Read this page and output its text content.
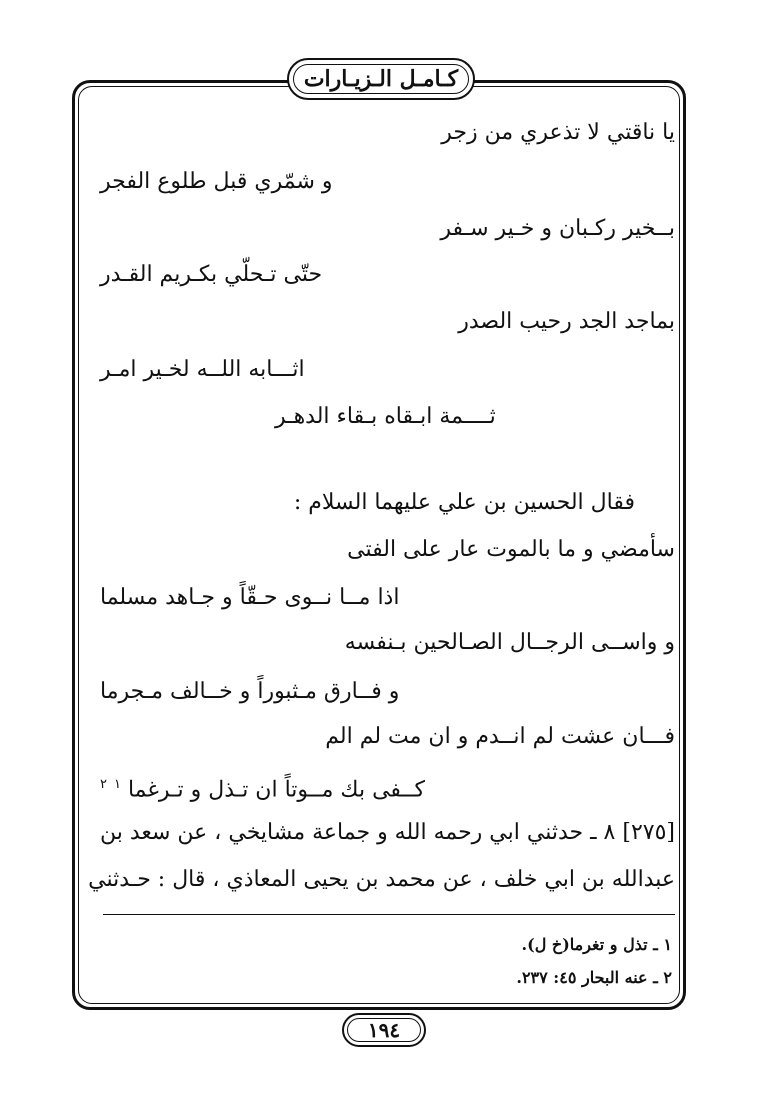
كـامـل الـزيـارات
يا ناقتي لا تذعري من زجر
و شمّري قبل طلوع الفجر
بــخير ركـبان و خـير سـفر
حتّى تـحلّي بكـريم القـدر
بماجد الجد رحيب الصدر
اثـــابه اللــه لخـير امـر
ثــــمة ابـقاه بـقاء الدهـر
فقال الحسين بن علي عليهما السلام :
سأمضي و ما بالموت عار على الفتى
اذا مــا نــوى حـقّاً و جـاهد مسلما
و واســى الرجــال الصـالحين بـنفسه
و فــارق مـثبوراً و خــالف مـجرما
فـــان عشت لم انــدم و ان مت لم الم
كــفى بك مــوتاً ان تـذل و تـرغما $^١$ $^٢$
[٢٧٥] ٨ ـ حدثني ابي رحمه الله و جماعة مشايخي ، عن سعد بن
عبدالله بن ابي خلف ، عن محمد بن يحيى المعاذي ، قال : حـدثني
١ ـ تذل و تغرما(خ ل).
٢ ـ عنه البحار ٤٥: ٢٣٧.
١٩٤
